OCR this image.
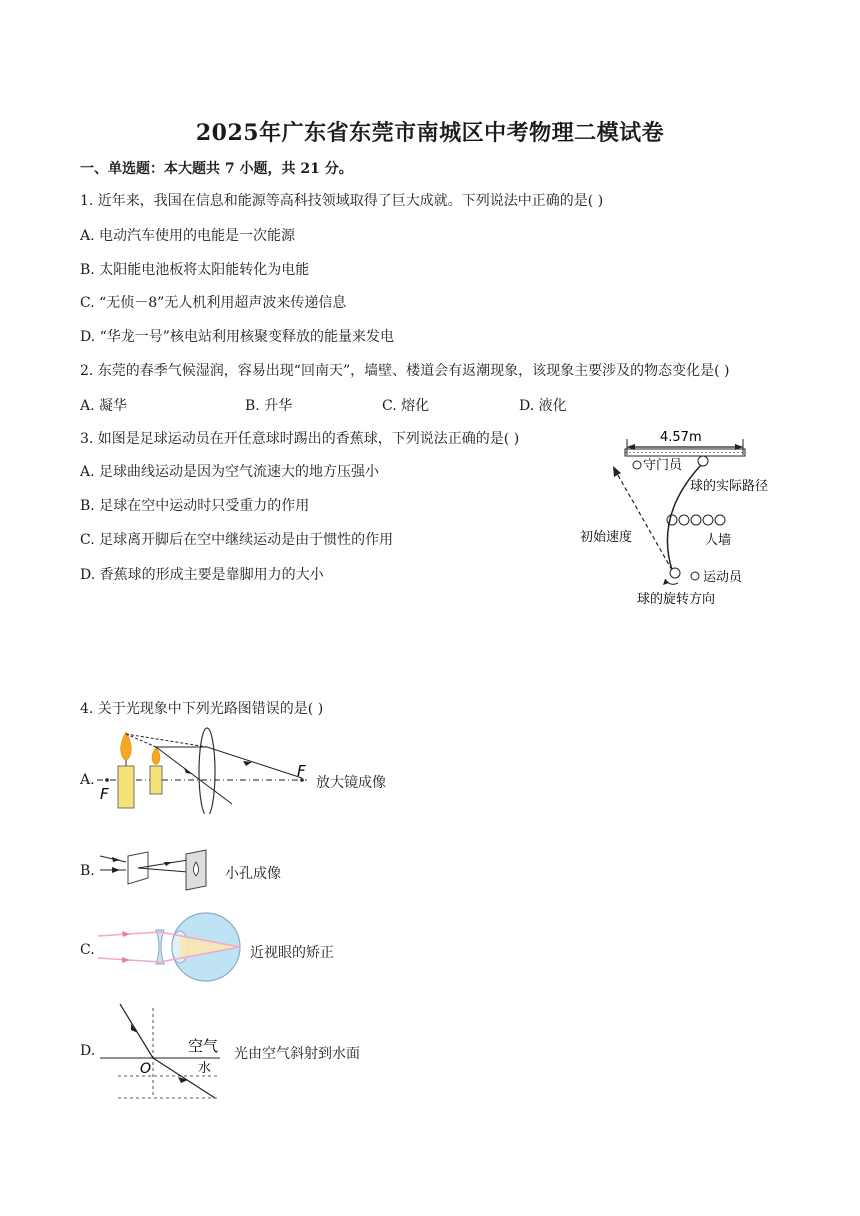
2025年广东省东莞市南城区中考物理二模试卷
一、单选题：本大题共 7 小题，共 21 分。
1. 近年来，我国在信息和能源等高科技领域取得了巨大成就。下列说法中正确的是( )
A. 电动汽车使用的电能是一次能源
B. 太阳能电池板将太阳能转化为电能
C. “无侦－8”无人机利用超声波来传递信息
D. “华龙一号”核电站利用核聚变释放的能量来发电
2. 东莞的春季气候湿润，容易出现“回南天”，墙壁、楼道会有返潮现象，该现象主要涉及的物态变化是( )
A. 凝华	B. 升华	C. 熔化	D. 液化
3. 如图是足球运动员在开任意球时踢出的香蕉球，下列说法正确的是( )
A. 足球曲线运动是因为空气流速大的地方压强小
B. 足球在空中运动时只受重力的作用
C. 足球离开脚后在空中继续运动是由于惯性的作用
D. 香蕉球的形成主要是靠脚用力的大小
4.57m
守门员
球的实际路径
初始速度	人墙
运动员
球的旋转方向
4. 关于光现象中下列光路图错误的是( )
A.
F
F
放大镜成像
B.	小孔成像
C.	近视眼的矫正
D.	空气
水
O
光由空气斜射到水面
